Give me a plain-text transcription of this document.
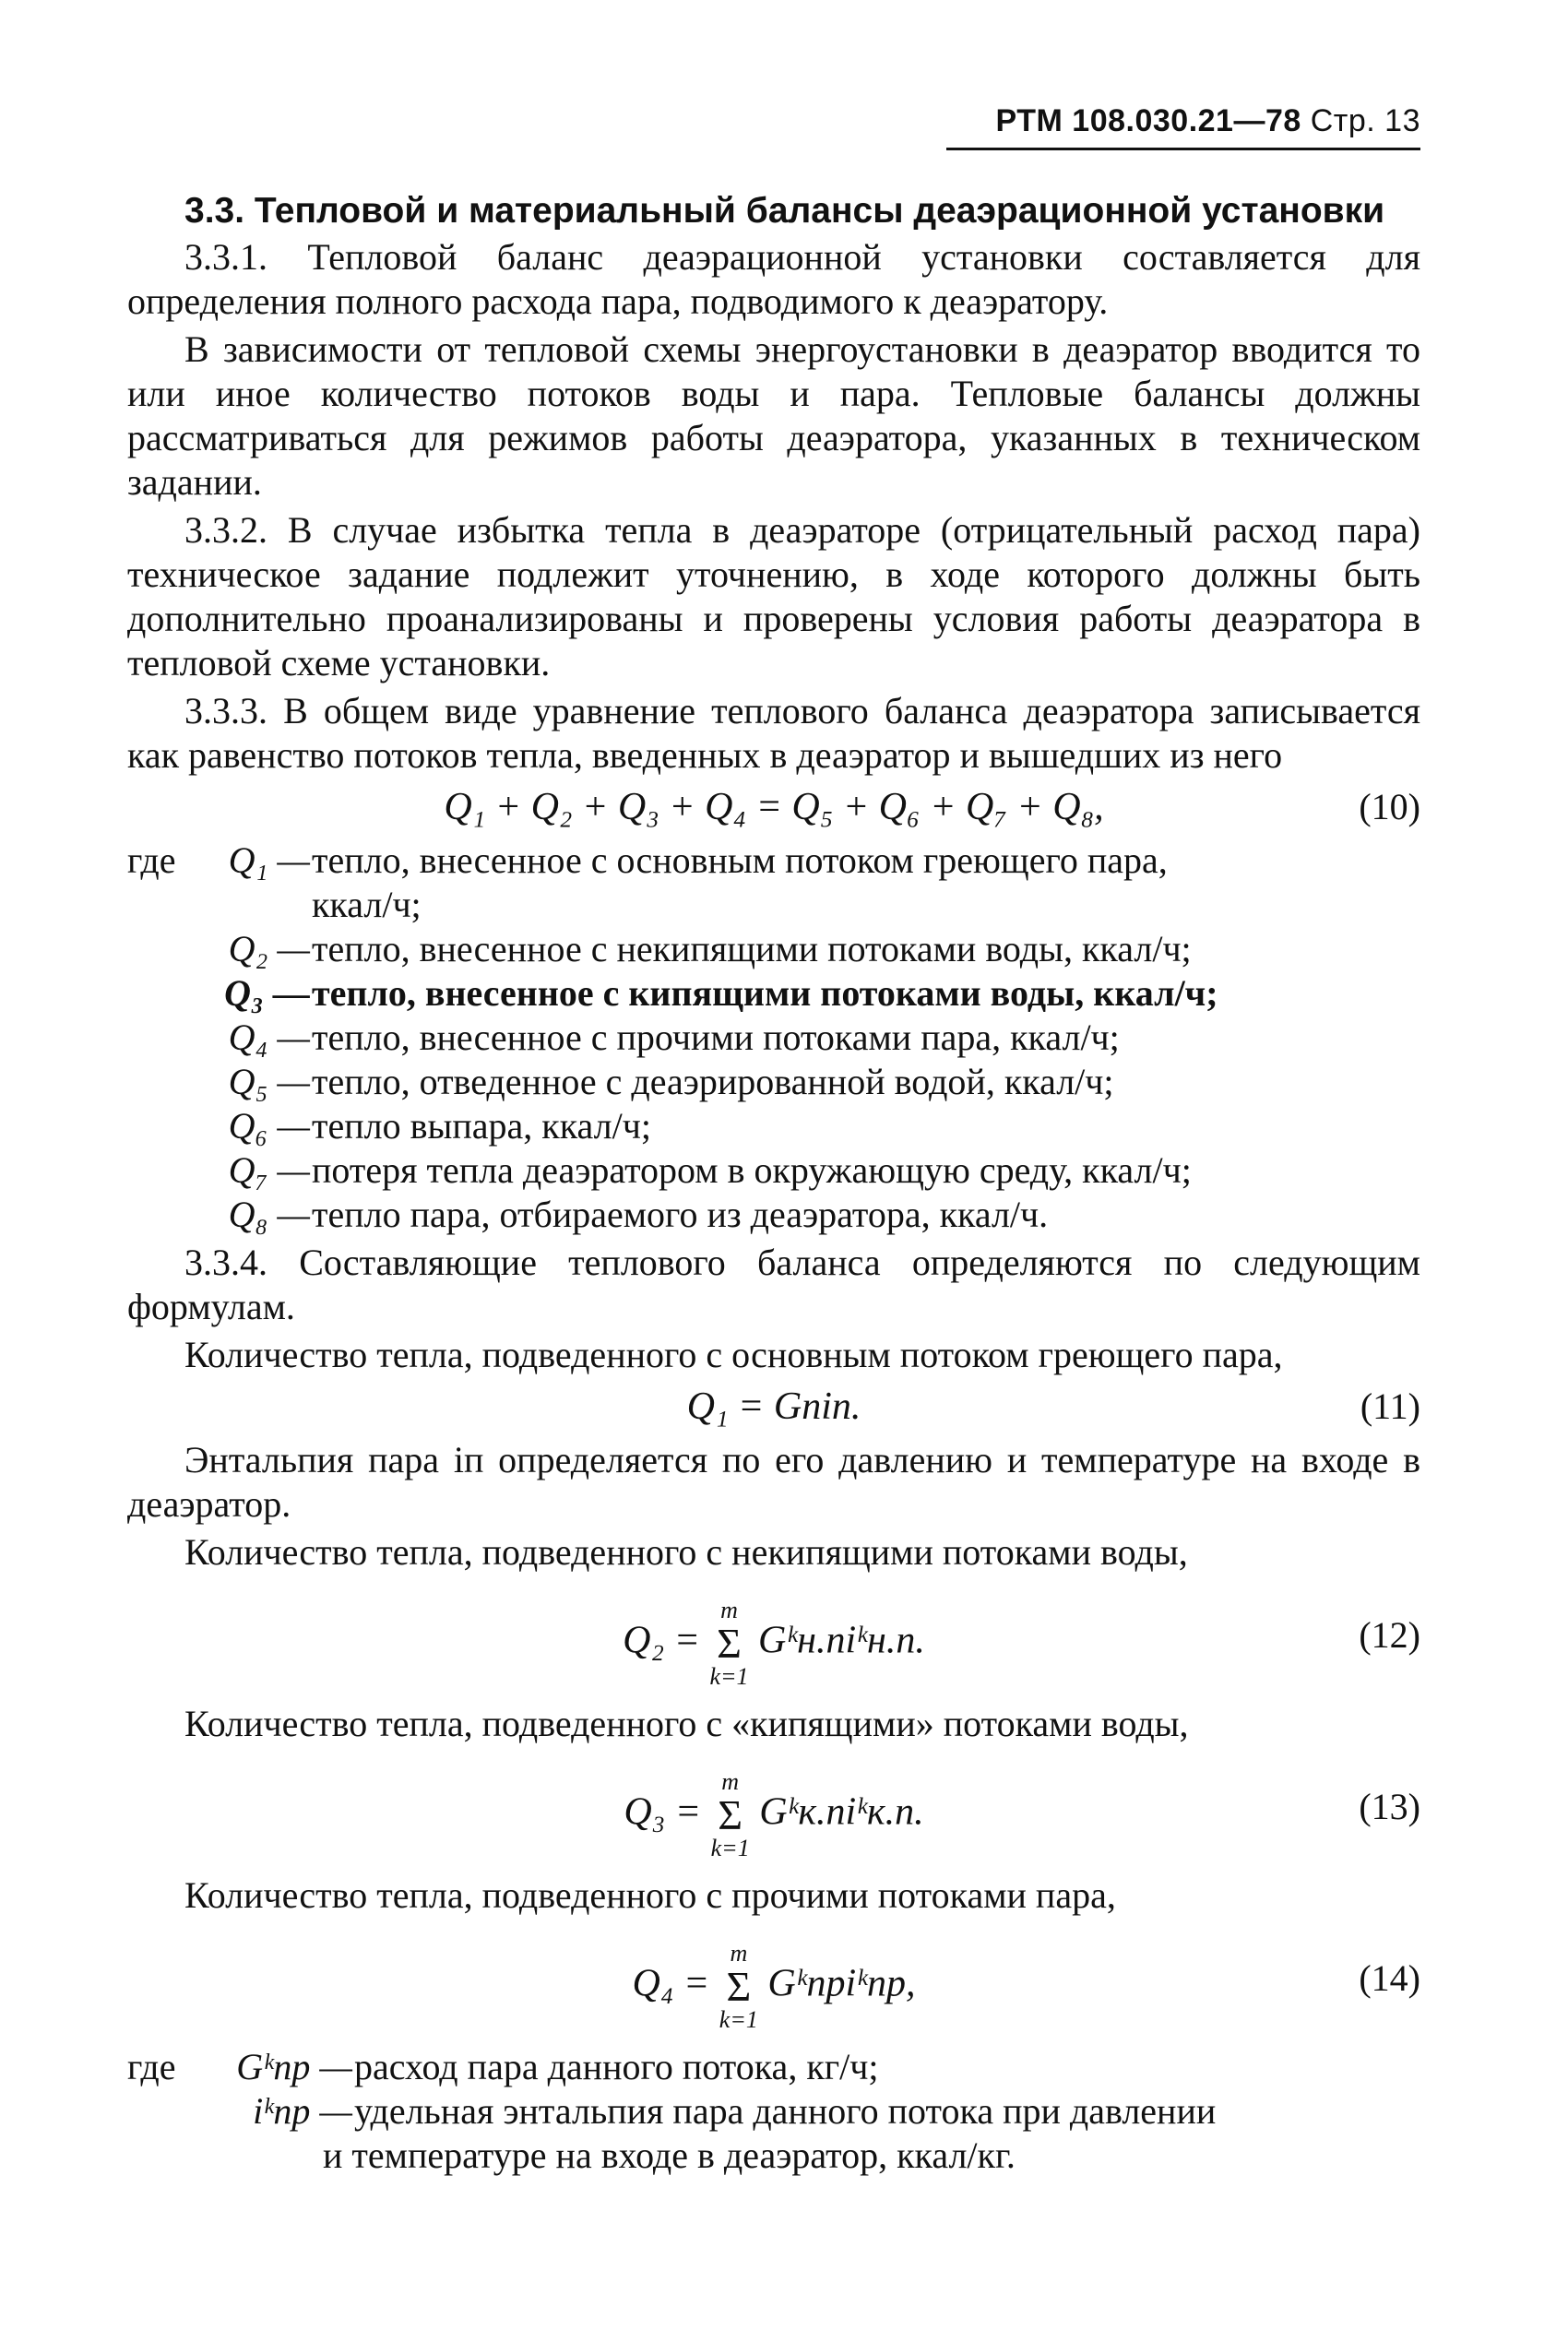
РТМ 108.030.21—78 Стр. 13

3.3. Тепловой и материальный балансы деаэрационной установки

3.3.1. Тепловой баланс деаэрационной установки составляется для определения полного расхода пара, подводимого к деаэратору.

В зависимости от тепловой схемы энергоустановки в деаэратор вводится то или иное количество потоков воды и пара. Тепловые балансы должны рассматриваться для режимов работы деаэратора, указанных в техническом задании.

3.3.2. В случае избытка тепла в деаэраторе (отрицательный расход пара) техническое задание подлежит уточнению, в ходе которого должны быть дополнительно проанализированы и проверены условия работы деаэратора в тепловой схеме установки.

3.3.3. В общем виде уравнение теплового баланса деаэратора записывается как равенство потоков тепла, введенных в деаэратор и вышедших из него

Q₁ + Q₂ + Q₃ + Q₄ = Q₅ + Q₆ + Q₇ + Q₈,	(10)
где	Q₁ — тепло, внесенное с основным потоком греющего пара,
ккал/ч;
Q₂ — тепло, внесенное с некипящими потоками воды, ккал/ч;
Q₃ — тепло, внесенное с кипящими потоками воды, ккал/ч;
Q₄ — тепло, внесенное с прочими потоками пара, ккал/ч;
Q₅ — тепло, отведенное с деаэрированной водой, ккал/ч;
Q₆ — тепло выпара, ккал/ч;
Q₇ — потеря тепла деаэратором в окружающую среду, ккал/ч;
Q₈ — тепло пара, отбираемого из деаэратора, ккал/ч.

3.3.4. Составляющие теплового баланса определяются по следующим формулам.

Количество тепла, подведенного с основным потоком греющего пара,

Q₁ = Gпiп.	(11)

Энтальпия пара iп определяется по его давлению и температуре на входе в деаэратор.

Количество тепла, подведенного с некипящими потоками воды,

Q₂ =
m
Σ
k=1
Gᵏн.пiᵏн.п.	(12)

Количество тепла, подведенного с «кипящими» потоками воды,

Q₃ =
m
Σ
k=1
Gᵏк.пiᵏк.п.	(13)

Количество тепла, подведенного с прочими потоками пара,

Q₄ =
m
Σ
k=1
Gᵏпрiᵏпр,	(14)
где	Gᵏпр — расход пара данного потока, кг/ч;
iᵏпр — удельная энтальпия пара данного потока при давлении
и температуре на входе в деаэратор, ккал/кг.
